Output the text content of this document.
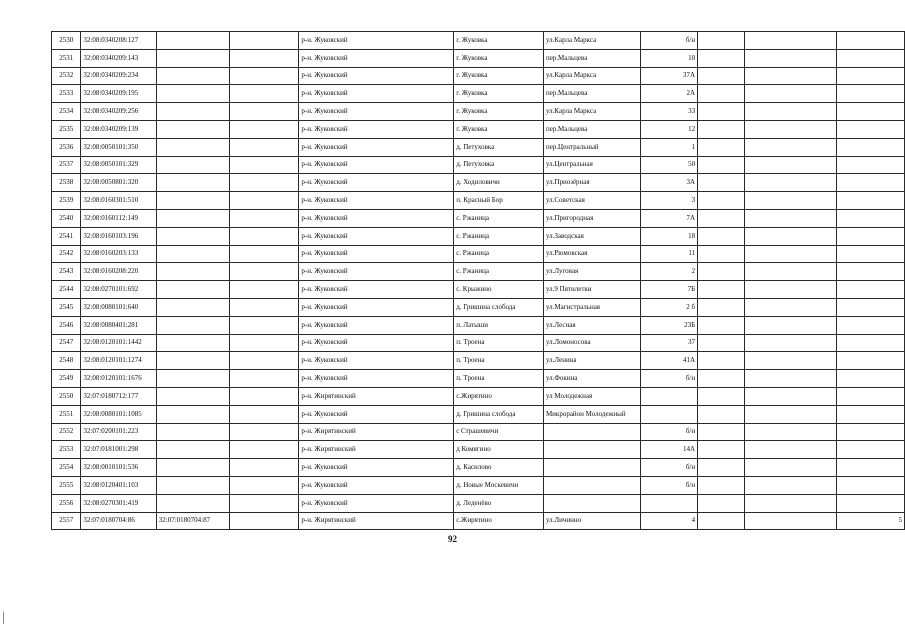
2530	32:08:0340208:127			р-н. Жуковский	г. Жуковка	ул.Карла Маркса	б/н			
2531	32:08:0340209:143			р-н. Жуковский	г. Жуковка	пер.Мальцева	10			
2532	32:08:0340209:234			р-н. Жуковский	г. Жуковка	ул.Карла Маркса	37А			
2533	32:08:0340209:195			р-н. Жуковский	г. Жуковка	пер.Мальцева	2А			
2534	32:08:0340209:256			р-н. Жуковский	г. Жуковка	ул.Карла Маркса	33			
2535	32:08:0340209:139			р-н. Жуковский	г. Жуковка	пер.Мальцева	12			
2536	32:08:0050101:350			р-н. Жуковский	д. Петуховка	пер.Центральный	1			
2537	32:08:0050101:329			р-н. Жуковский	д. Петуховка	ул.Центральная	50			
2538	32:08:0050801:320			р-н. Жуковский	д. Ходиловичи	ул.Приозёрная	3А			
2539	32:08:0160301:510			р-н. Жуковский	п. Красный Бор	ул.Советская	3			
2540	32:08:0160112:149			р-н. Жуковский	с. Ржаница	ул.Пригородная	7А			
2541	32:08:0160103:196			р-н. Жуковский	с. Ржаница	ул.Заводская	18			
2542	32:08:0160203:133			р-н. Жуковский	с. Ржаница	ул.Рюмовская	11			
2543	32:08:0160208:220			р-н. Жуковский	с. Ржаница	ул.Луговая	2			
2544	32:08:0270101:692			р-н. Жуковский	с. Крыжино	ул.9 Пятилетки	7Б			
2545	32:08:0080101:640			р-н. Жуковский	д. Гришина слобода	ул.Магистральная	2 б			
2546	32:08:0080401:281			р-н. Жуковский	п. Латыши	ул.Лесная	23Б			
2547	32:08:0120101:1442			р-н. Жуковский	п. Троена	ул.Ломоносова	37			
2548	32:08:0120101:1274			р-н. Жуковский	п. Троена	ул.Ленина	41А			
2549	32:08:0120101:1676			р-н. Жуковский	п. Троена	ул.Фокина	б/н			
2550	32:07:0180712:177			р-н. Жирятинский	с.Жирятино	ул Молодежная				
2551	32:08:0080101:1085			р-н. Жуковский	д. Гришина слобода	Микрорайон Молодежный				
2552	32:07:0200101:223			р-н. Жирятинский	с Страшевичи		б/н			
2553	32:07:0181001:298			р-н. Жирятинский	д Комягино		14А			
2554	32:08:0010101:536			р-н. Жуковский	д. Касилово		б/н			
2555	32:08:0120401:103			р-н. Жуковский	д. Новые Москевичи		б/н			
2556	32:08:0270301:419			р-н. Жуковский	д. Леденёво					
2557	32:07:0180704:86	32:07:0180704:87		р-н. Жирятинский	с.Жирятино	ул.Личинно	4			5
92
